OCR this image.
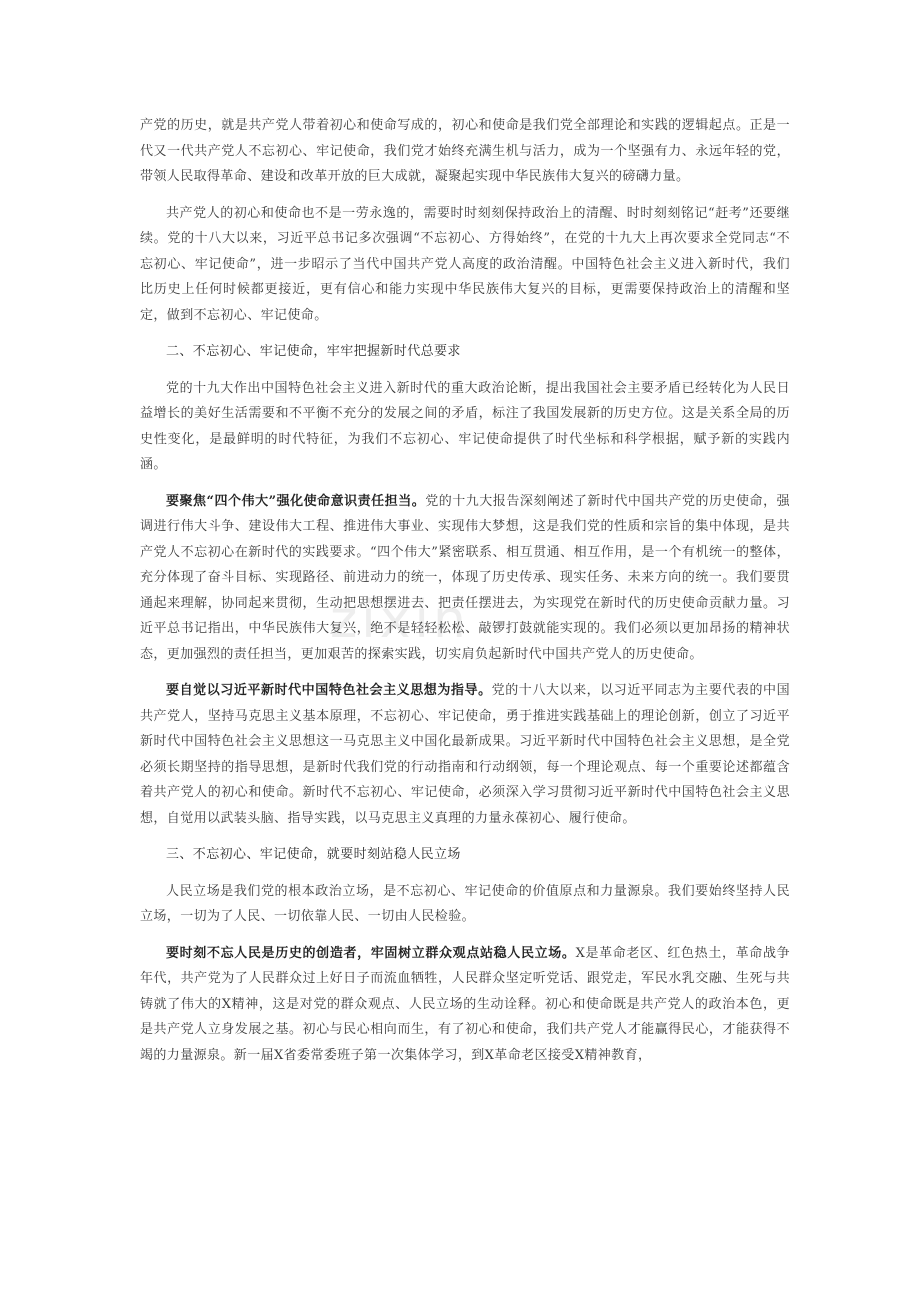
zixin

产党的历史，就是共产党人带着初心和使命写成的，初心和使命是我们党全部理论和实践的逻辑起点。正是一代又一代共产党人不忘初心、牢记使命，我们党才始终充满生机与活力，成为一个坚强有力、永远年轻的党，带领人民取得革命、建设和改革开放的巨大成就，凝聚起实现中华民族伟大复兴的磅礴力量。

共产党人的初心和使命也不是一劳永逸的，需要时时刻刻保持政治上的清醒、时时刻刻铭记“赶考”还要继续。党的十八大以来，习近平总书记多次强调“不忘初心、方得始终”，在党的十九大上再次要求全党同志“不忘初心、牢记使命”，进一步昭示了当代中国共产党人高度的政治清醒。中国特色社会主义进入新时代，我们比历史上任何时候都更接近，更有信心和能力实现中华民族伟大复兴的目标，更需要保持政治上的清醒和坚定，做到不忘初心、牢记使命。

二、不忘初心、牢记使命，牢牢把握新时代总要求

党的十九大作出中国特色社会主义进入新时代的重大政治论断，提出我国社会主要矛盾已经转化为人民日益增长的美好生活需要和不平衡不充分的发展之间的矛盾，标注了我国发展新的历史方位。这是关系全局的历史性变化，是最鲜明的时代特征，为我们不忘初心、牢记使命提供了时代坐标和科学根据，赋予新的实践内涵。

要聚焦“四个伟大”强化使命意识责任担当。党的十九大报告深刻阐述了新时代中国共产党的历史使命，强调进行伟大斗争、建设伟大工程、推进伟大事业、实现伟大梦想，这是我们党的性质和宗旨的集中体现，是共产党人不忘初心在新时代的实践要求。“四个伟大”紧密联系、相互贯通、相互作用，是一个有机统一的整体，充分体现了奋斗目标、实现路径、前进动力的统一，体现了历史传承、现实任务、未来方向的统一。我们要贯通起来理解，协同起来贯彻，生动把思想摆进去、把责任摆进去，为实现党在新时代的历史使命贡献力量。习近平总书记指出，中华民族伟大复兴，绝不是轻轻松松、敲锣打鼓就能实现的。我们必须以更加昂扬的精神状态，更加强烈的责任担当，更加艰苦的探索实践，切实肩负起新时代中国共产党人的历史使命。

要自觉以习近平新时代中国特色社会主义思想为指导。党的十八大以来，以习近平同志为主要代表的中国共产党人，坚持马克思主义基本原理，不忘初心、牢记使命，勇于推进实践基础上的理论创新，创立了习近平新时代中国特色社会主义思想这一马克思主义中国化最新成果。习近平新时代中国特色社会主义思想，是全党必须长期坚持的指导思想，是新时代我们党的行动指南和行动纲领，每一个理论观点、每一个重要论述都蕴含着共产党人的初心和使命。新时代不忘初心、牢记使命，必须深入学习贯彻习近平新时代中国特色社会主义思想，自觉用以武装头脑、指导实践，以马克思主义真理的力量永葆初心、履行使命。

三、不忘初心、牢记使命，就要时刻站稳人民立场

人民立场是我们党的根本政治立场，是不忘初心、牢记使命的价值原点和力量源泉。我们要始终坚持人民立场，一切为了人民、一切依靠人民、一切由人民检验。

要时刻不忘人民是历史的创造者，牢固树立群众观点站稳人民立场。X是革命老区、红色热土，革命战争年代，共产党为了人民群众过上好日子而流血牺牲，人民群众坚定听党话、跟党走，军民水乳交融、生死与共铸就了伟大的X精神，这是对党的群众观点、人民立场的生动诠释。初心和使命既是共产党人的政治本色，更是共产党人立身发展之基。初心与民心相向而生，有了初心和使命，我们共产党人才能赢得民心，才能获得不竭的力量源泉。新一届X省委常委班子第一次集体学习，到X革命老区接受X精神教育，
